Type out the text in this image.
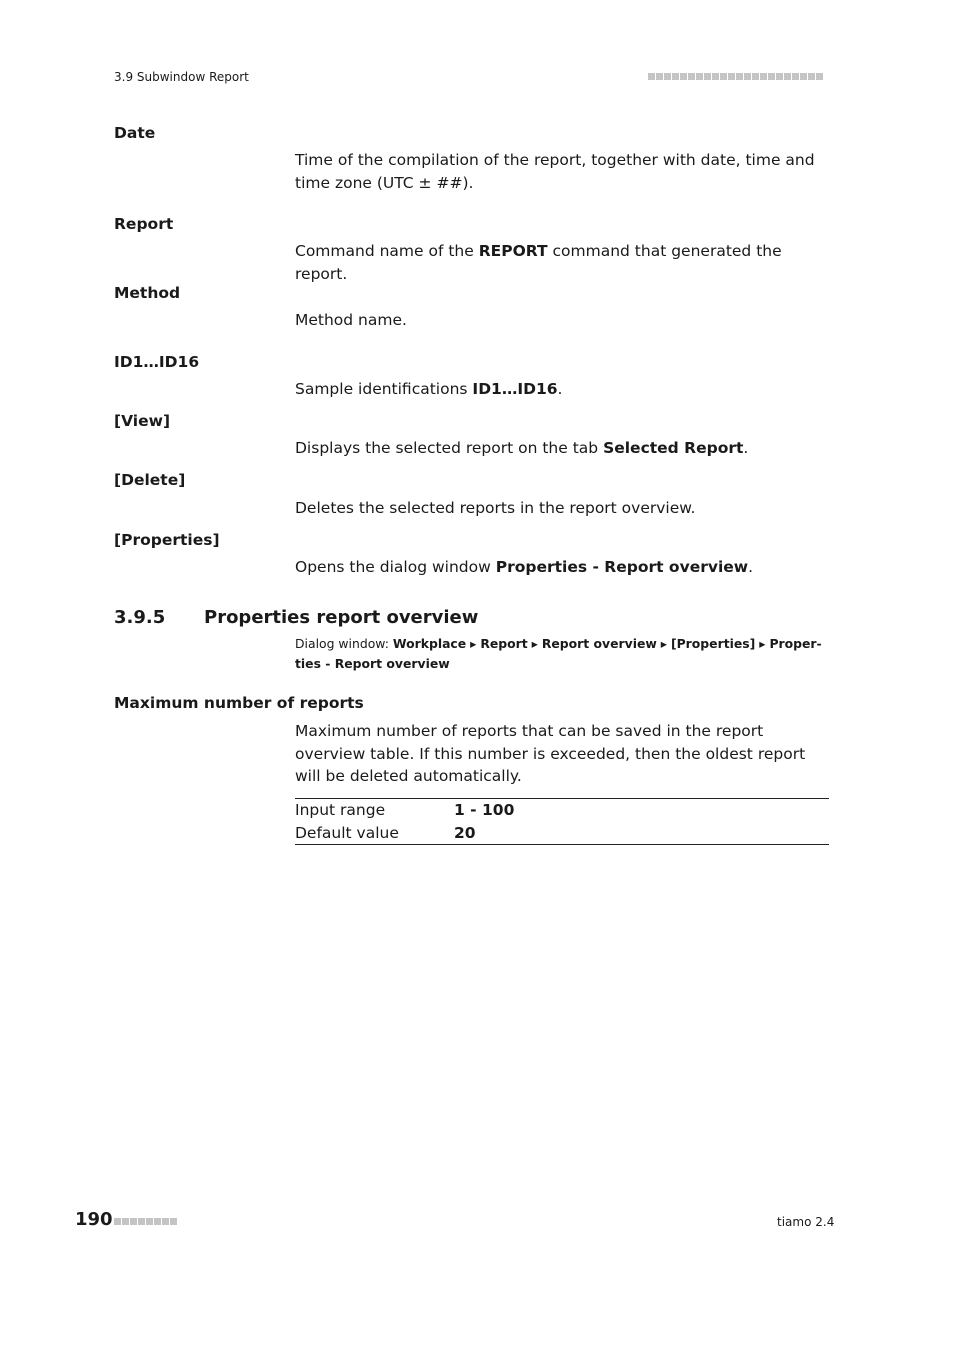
3.9 Subwindow Report
Date
Time of the compilation of the report, together with date, time and time zone (UTC ± ##).
Report
Command name of the REPORT command that generated the report.
Method
Method name.
ID1…ID16
Sample identifications ID1…ID16.
[View]
Displays the selected report on the tab Selected Report.
[Delete]
Deletes the selected reports in the report overview.
[Properties]
Opens the dialog window Properties - Report overview.
3.9.5 Properties report overview
Dialog window: Workplace ▸ Report ▸ Report overview ▸ [Properties] ▸ Proper-ties - Report overview
Maximum number of reports
Maximum number of reports that can be saved in the report overview table. If this number is exceeded, then the oldest report will be deleted automatically.
Input range	1 - 100
Default value	20
190	tiamo 2.4
